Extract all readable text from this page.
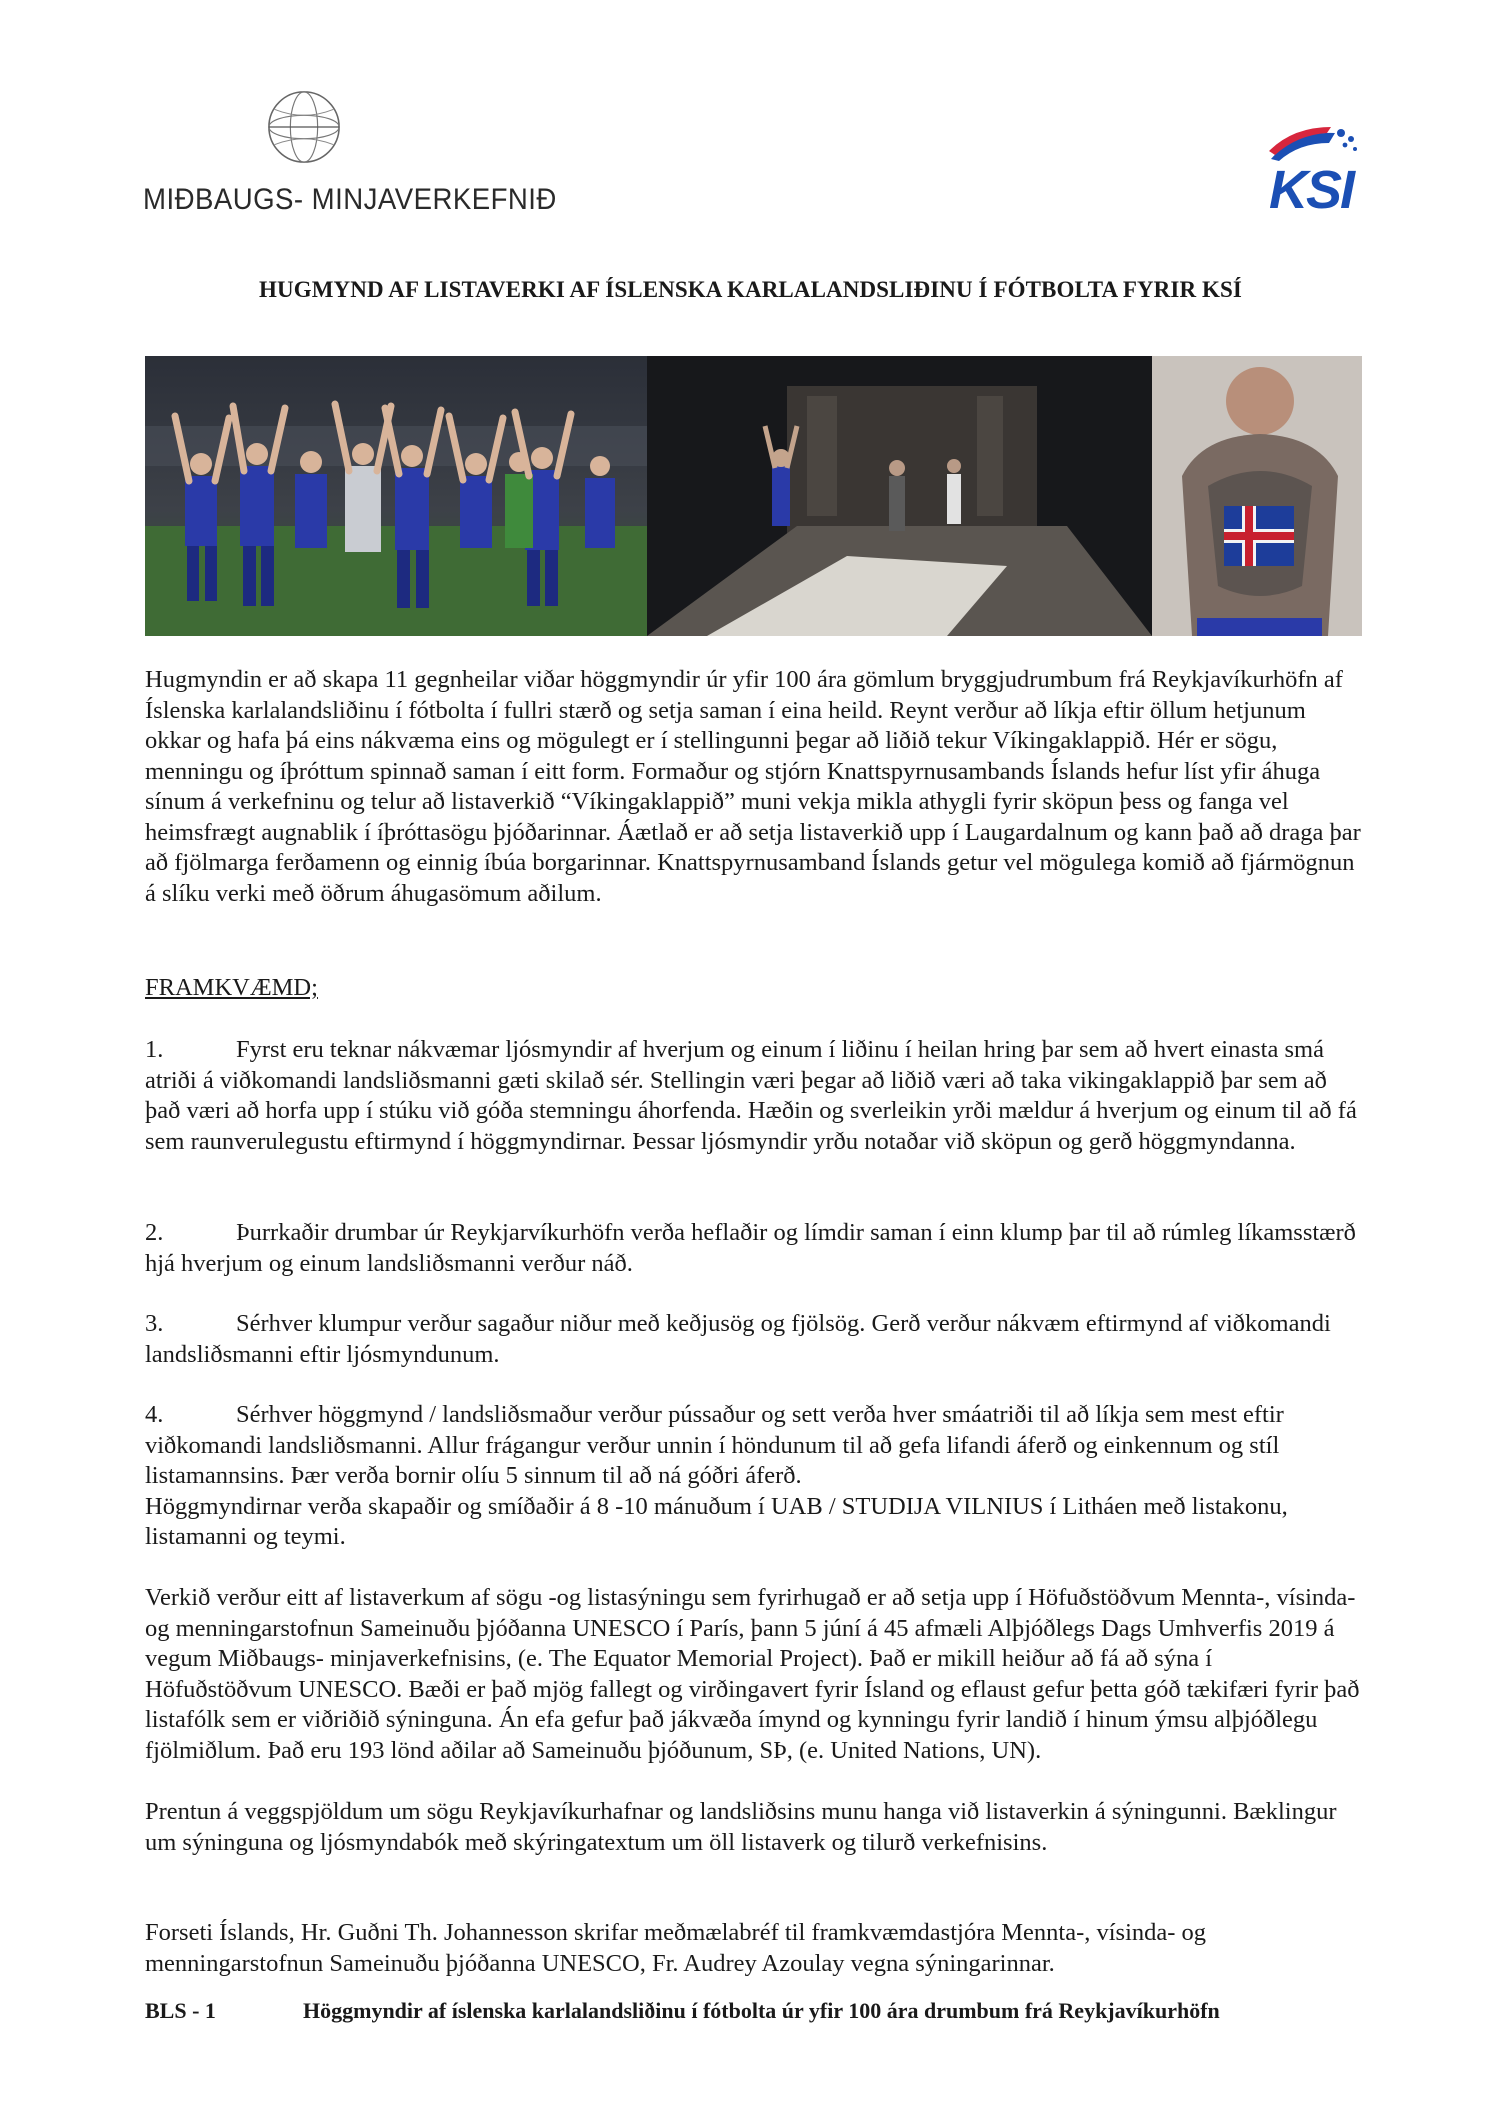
MIÐBAUGS- MINJAVERKEFNIÐ	KSI
HUGMYND AF LISTAVERKI AF ÍSLENSKA KARLALANDSLIÐINU Í FÓTBOLTA FYRIR KSÍ

Hugmyndin er að skapa 11 gegnheilar viðar höggmyndir úr yfir 100 ára gömlum bryggjudrumbum frá Reykjavíkurhöfn af Íslenska karlalandsliðinu í fótbolta í fullri stærð og setja saman í eina heild. Reynt verður að líkja eftir öllum hetjunum okkar og hafa þá eins nákvæma eins og mögulegt er í stellingunni þegar að liðið tekur Víkingaklappið. Hér er sögu, menningu og íþróttum spinnað saman í eitt form. Formaður og stjórn Knattspyrnusambands Íslands hefur líst yfir áhuga sínum á verkefninu og telur að listaverkið “Víkingaklappið” muni vekja mikla athygli fyrir sköpun þess og fanga vel heimsfrægt augnablik í íþróttasögu þjóðarinnar. Áætlað er að setja listaverkið upp í Laugardalnum og kann það að draga þar að fjölmarga ferðamenn og einnig íbúa borgarinnar. Knattspyrnusamband Íslands getur vel mögulega komið að fjármögnun á slíku verki með öðrum áhugasömum aðilum.

FRAMKVÆMD;
1.	Fyrst eru teknar nákvæmar ljósmyndir af hverjum og einum í liðinu í heilan hring þar sem að hvert einasta smá atriði á viðkomandi landsliðsmanni gæti skilað sér. Stellingin væri þegar að liðið væri að taka vikingaklappið þar sem að það væri að horfa upp í stúku við góða stemningu áhorfenda. Hæðin og sverleikin yrði mældur á hverjum og einum til að fá sem raunverulegustu eftirmynd í höggmyndirnar. Þessar ljósmyndir yrðu notaðar við sköpun og gerð höggmyndanna.
2.	Þurrkaðir drumbar úr Reykjarvíkurhöfn verða heflaðir og límdir saman í einn klump þar til að rúmleg líkamsstærð hjá hverjum og einum landsliðsmanni verður náð.
3.	Sérhver klumpur verður sagaður niður með keðjusög og fjölsög. Gerð verður nákvæm eftirmynd af viðkomandi landsliðsmanni eftir ljósmyndunum.
4.	Sérhver höggmynd / landsliðsmaður verður pússaður og sett verða hver smáatriði til að líkja sem mest eftir viðkomandi landsliðsmanni. Allur frágangur verður unnin í höndunum til að gefa lifandi áferð og einkennum og stíl listamannsins. Þær verða bornir olíu 5 sinnum til að ná góðri áferð.
Höggmyndirnar verða skapaðir og smíðaðir á 8 -10 mánuðum í UAB / STUDIJA VILNIUS í Litháen með listakonu, listamanni og teymi.

Verkið verður eitt af listaverkum af sögu -og listasýningu sem fyrirhugað er að setja upp í Höfuðstöðvum Mennta-, vísinda- og menningarstofnun Sameinuðu þjóðanna UNESCO í París, þann 5 júní á 45 afmæli Alþjóðlegs Dags Umhverfis 2019 á vegum Miðbaugs- minjaverkefnisins, (e. The Equator Memorial Project). Það er mikill heiður að fá að sýna í Höfuðstöðvum UNESCO. Bæði er það mjög fallegt og virðingavert fyrir Ísland og eflaust gefur þetta góð tækifæri fyrir það listafólk sem er viðriðið sýninguna. Án efa gefur það jákvæða ímynd og kynningu fyrir landið í hinum ýmsu alþjóðlegu fjölmiðlum. Það eru 193 lönd aðilar að Sameinuðu þjóðunum, SÞ, (e. United Nations, UN).

Prentun á veggspjöldum um sögu Reykjavíkurhafnar og landsliðsins munu hanga við listaverkin á sýningunni. Bæklingur um sýninguna og ljósmyndabók með skýringatextum um öll listaverk og tilurð verkefnisins.

Forseti Íslands, Hr. Guðni Th. Johannesson skrifar meðmælabréf til framkvæmdastjóra Mennta-, vísinda- og menningarstofnun Sameinuðu þjóðanna UNESCO, Fr. Audrey Azoulay vegna sýningarinnar.

BLS - 1	Höggmyndir af íslenska karlalandsliðinu í fótbolta úr yfir 100 ára drumbum frá Reykjavíkurhöfn
